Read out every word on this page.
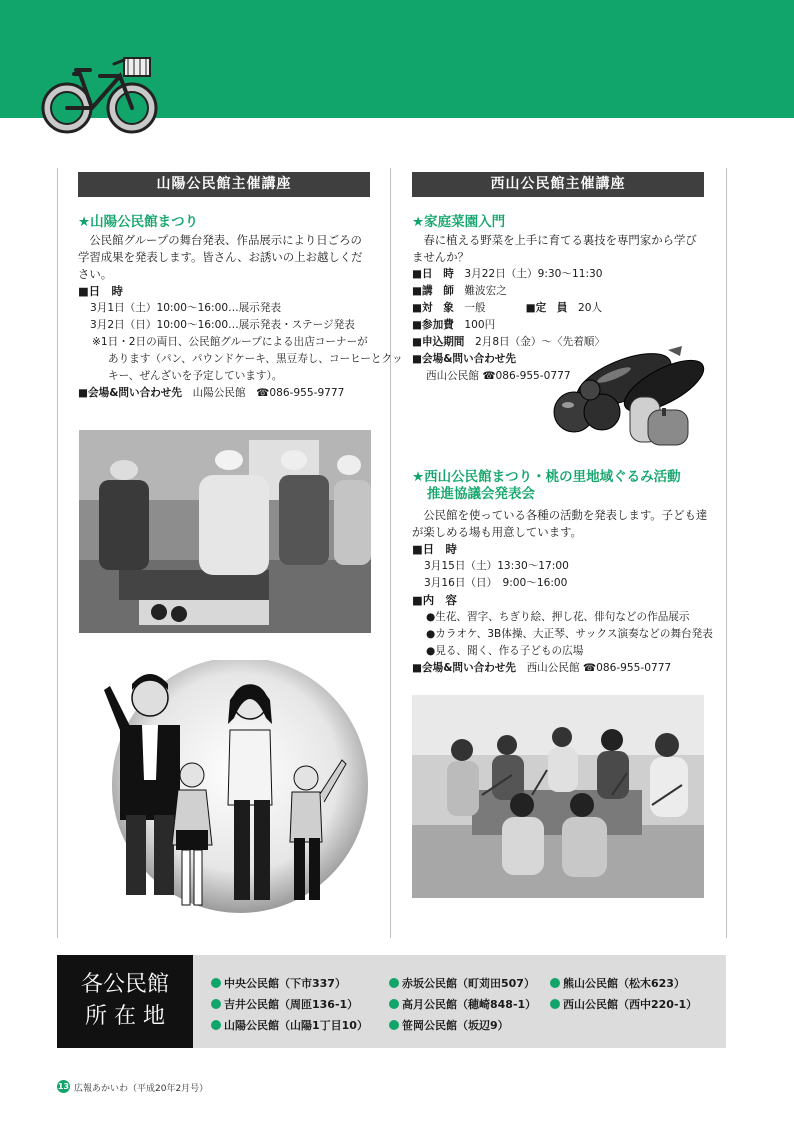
山陽公民館主催講座
★山陽公民館まつり

公民館グループの舞台発表、作品展示により日ごろの学習成果を発表します。皆さん、お誘いの上お越しください。

■日　時

3月1日（土）10:00〜16:00…展示発表

3月2日（日）10:00〜16:00…展示発表・ステージ発表

※1日・2日の両日、公民館グループによる出店コーナーが

あります（パン、パウンドケーキ、黒豆寿し、コーヒーとクッ

キー、ぜんざいを予定しています）。

■会場&問い合わせ先　 山陽公民館　 ☎086-955-9777

西山公民館主催講座
★家庭菜園入門

春に植える野菜を上手に育てる裏技を専門家から学びませんか？

■日　時　 3月22日（土）9:30〜11:30

■講　師　 難波宏之

■対　象　 一般	■定　員　 20人

■参加費　 100円

■申込期間　 2月8日（金）〜〈先着順〉

■会場&問い合わせ先

西山公民館 ☎086-955-0777

★西山公民館まつり・桃の里地域ぐるみ活動
推進協議会発表会

公民館を使っている各種の活動を発表します。子ども達が楽しめる場も用意しています。

■日　時

3月15日（土）13:30〜17:00

3月16日（日）　9:00〜16:00

■内　容

●生花、習字、ちぎり絵、押し花、俳句などの作品展示

●カラオケ、3B体操、大正琴、サックス演奏などの舞台発表

●見る、聞く、作る子どもの広場

■会場&問い合わせ先　 西山公民館 ☎086-955-0777

各公民館
所 在 地
中央公民館（下市337）	赤坂公民館（町苅田507）	熊山公民館（松木623）
吉井公民館（周匝136-1）	高月公民館（穂崎848-1）	西山公民館（西中220-1）
山陽公民館（山陽1丁目10）	笹岡公民館（坂辺9）
13 広報あかいわ（平成20年2月号）
